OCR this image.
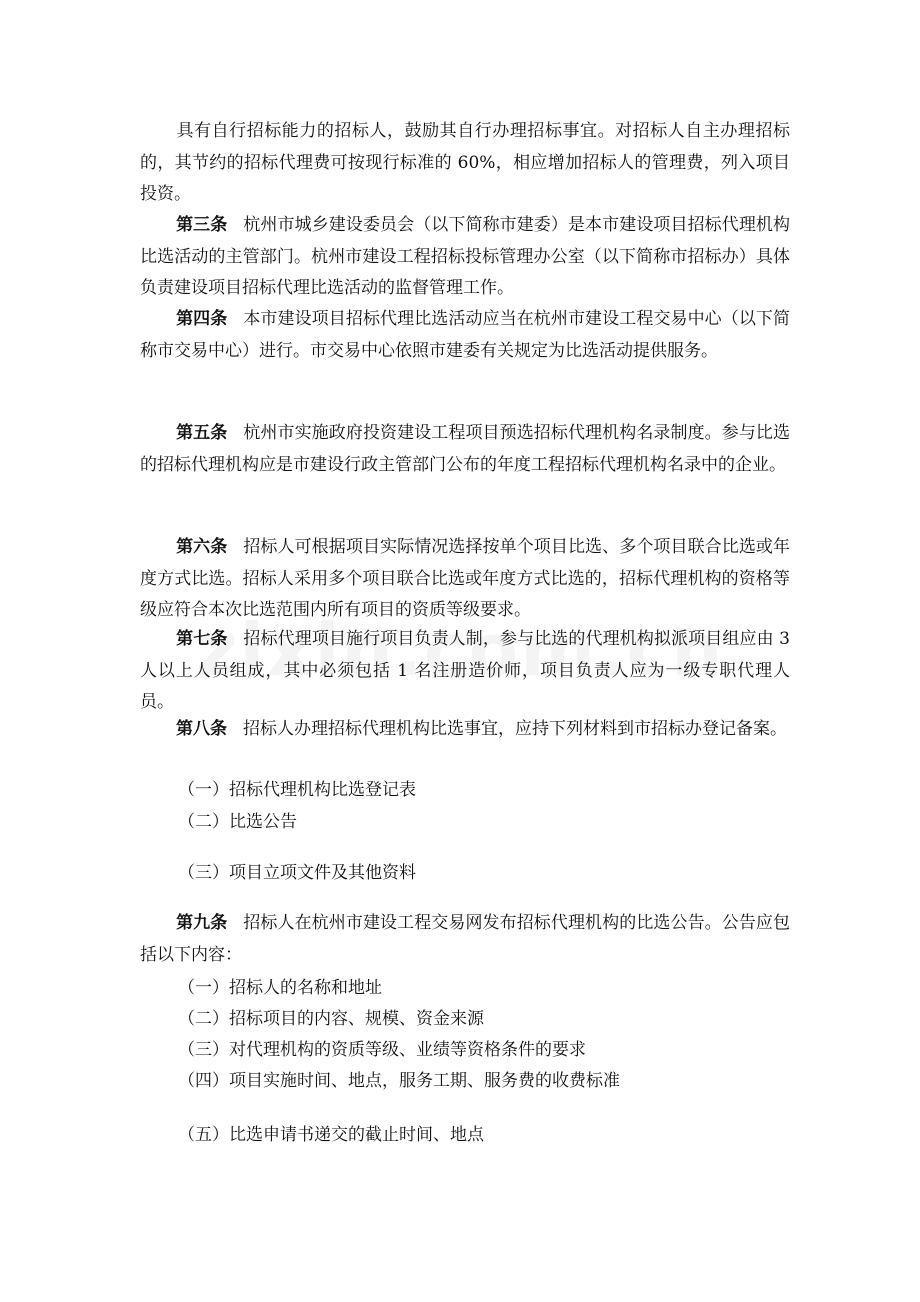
具有自行招标能力的招标人，鼓励其自行办理招标事宜。对招标人自主办理招标的，其节约的招标代理费可按现行标准的 60%，相应增加招标人的管理费，列入项目投资。

第三条 杭州市城乡建设委员会（以下简称市建委）是本市建设项目招标代理机构比选活动的主管部门。杭州市建设工程招标投标管理办公室（以下简称市招标办）具体负责建设项目招标代理比选活动的监督管理工作。

第四条 本市建设项目招标代理比选活动应当在杭州市建设工程交易中心（以下简称市交易中心）进行。市交易中心依照市建委有关规定为比选活动提供服务。

第五条 杭州市实施政府投资建设工程项目预选招标代理机构名录制度。参与比选的招标代理机构应是市建设行政主管部门公布的年度工程招标代理机构名录中的企业。

第六条 招标人可根据项目实际情况选择按单个项目比选、多个项目联合比选或年度方式比选。招标人采用多个项目联合比选或年度方式比选的，招标代理机构的资格等级应符合本次比选范围内所有项目的资质等级要求。

第七条 招标代理项目施行项目负责人制，参与比选的代理机构拟派项目组应由 3 人以上人员组成，其中必须包括 1 名注册造价师，项目负责人应为一级专职代理人员。

第八条 招标人办理招标代理机构比选事宜，应持下列材料到市招标办登记备案。

（一）招标代理机构比选登记表

（二）比选公告

（三）项目立项文件及其他资料

第九条 招标人在杭州市建设工程交易网发布招标代理机构的比选公告。公告应包括以下内容：

（一）招标人的名称和地址

（二）招标项目的内容、规模、资金来源

（三）对代理机构的资质等级、业绩等资格条件的要求

（四）项目实施时间、地点，服务工期、服务费的收费标准

（五）比选申请书递交的截止时间、地点
